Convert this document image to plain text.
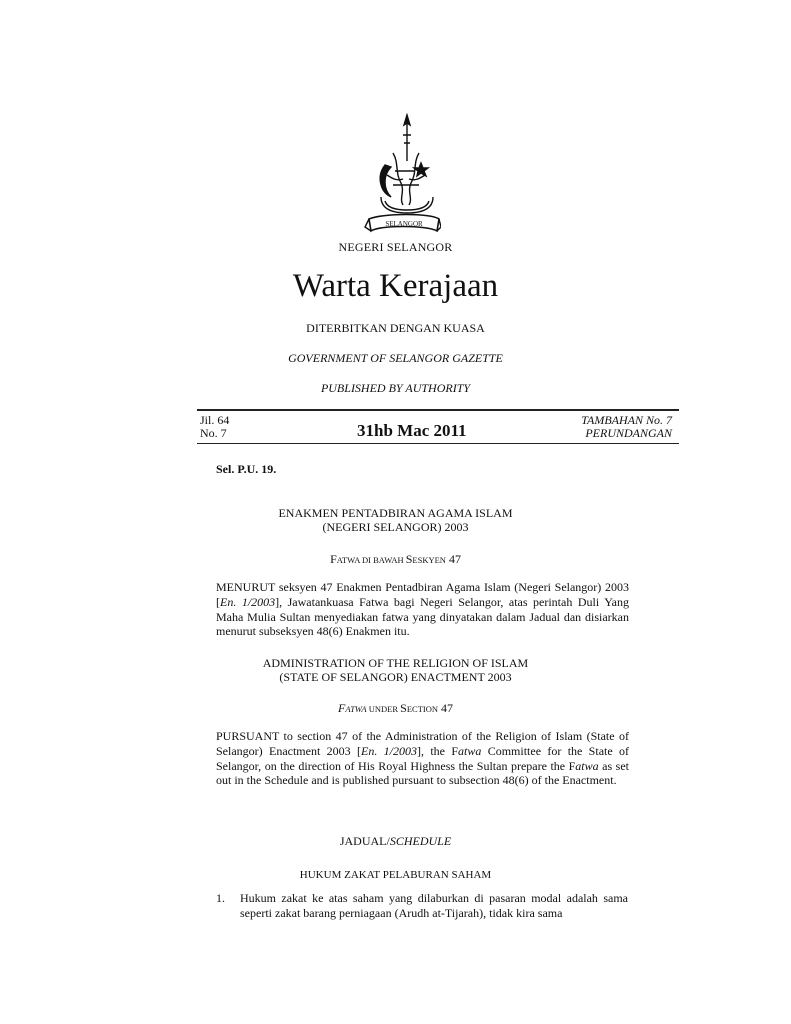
SELANGOR
NEGERI SELANGOR
Warta Kerajaan
DITERBITKAN DENGAN KUASA
GOVERNMENT OF SELANGOR GAZETTE
PUBLISHED BY AUTHORITY
Jil. 64
No. 7	31hb Mac 2011
TAMBAHAN No. 7
PERUNDANGAN
Sel. P.U. 19.
ENAKMEN PENTADBIRAN AGAMA ISLAM
(NEGERI SELANGOR) 2003
FATWA DI BAWAH SESKYEN 47
MENURUT seksyen 47 Enakmen Pentadbiran Agama Islam (Negeri Selangor) 2003 [En. 1/2003], Jawatankuasa Fatwa bagi Negeri Selangor, atas perintah Duli Yang Maha Mulia Sultan menyediakan fatwa yang dinyatakan dalam Jadual dan disiarkan menurut subseksyen 48(6) Enakmen itu.
ADMINISTRATION OF THE RELIGION OF ISLAM
(STATE OF SELANGOR) ENACTMENT 2003
FATWA UNDER SECTION 47
PURSUANT to section 47 of the Administration of the Religion of Islam (State of Selangor) Enactment 2003 [En. 1/2003], the Fatwa Committee for the State of Selangor, on the direction of His Royal Highness the Sultan prepare the Fatwa as set out in the Schedule and is published pursuant to subsection 48(6) of the Enactment.
JADUAL/SCHEDULE
HUKUM ZAKAT PELABURAN SAHAM
1. Hukum zakat ke atas saham yang dilaburkan di pasaran modal adalah sama seperti zakat barang perniagaan (Arudh at-Tijarah), tidak kira sama
